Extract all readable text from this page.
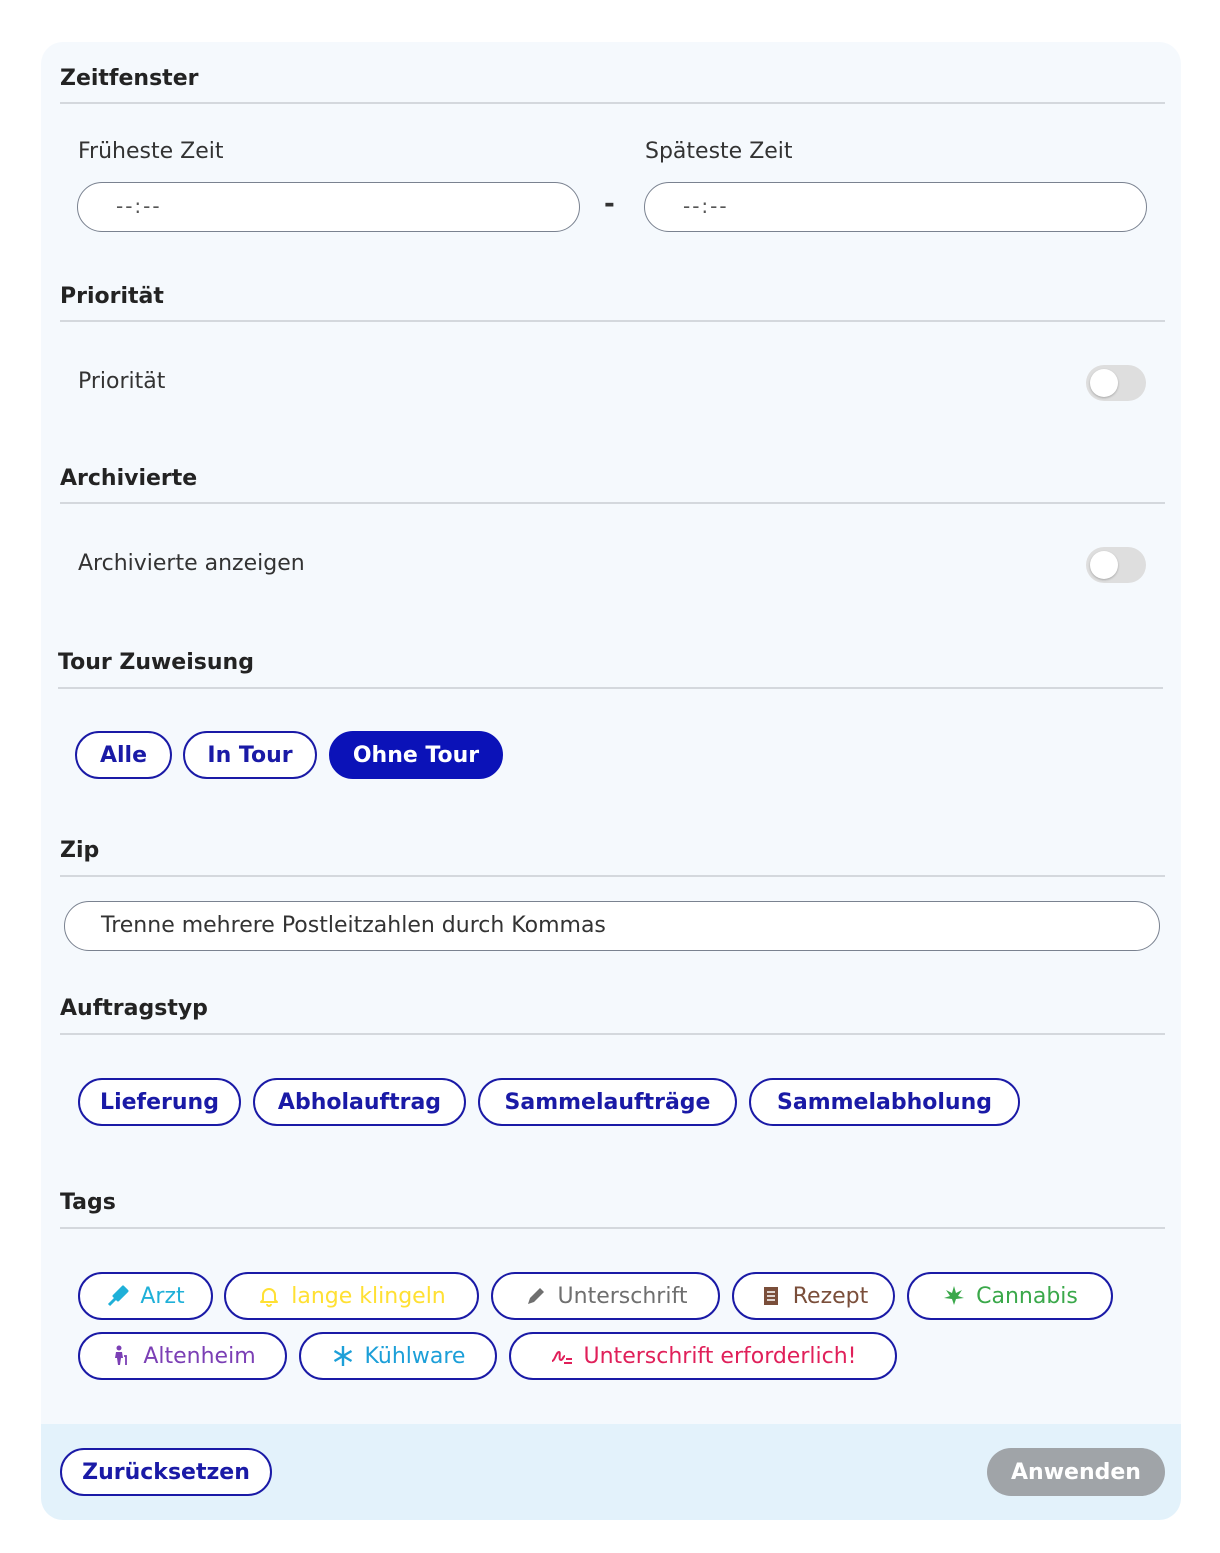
Zeitfenster
Früheste Zeit	Späteste Zeit
--:--	-	--:--
Priorität
Priorität
Archivierte
Archivierte anzeigen
Tour Zuweisung
Alle	In Tour	Ohne Tour
Zip
Trenne mehrere Postleitzahlen durch Kommas
Auftragstyp
Lieferung	Abholauftrag	Sammelaufträge	Sammelabholung
Tags
Arzt	lange klingeln	Unterschrift	Rezept	Cannabis
Altenheim	Kühlware	Unterschrift erforderlich!
Zurücksetzen	Anwenden
